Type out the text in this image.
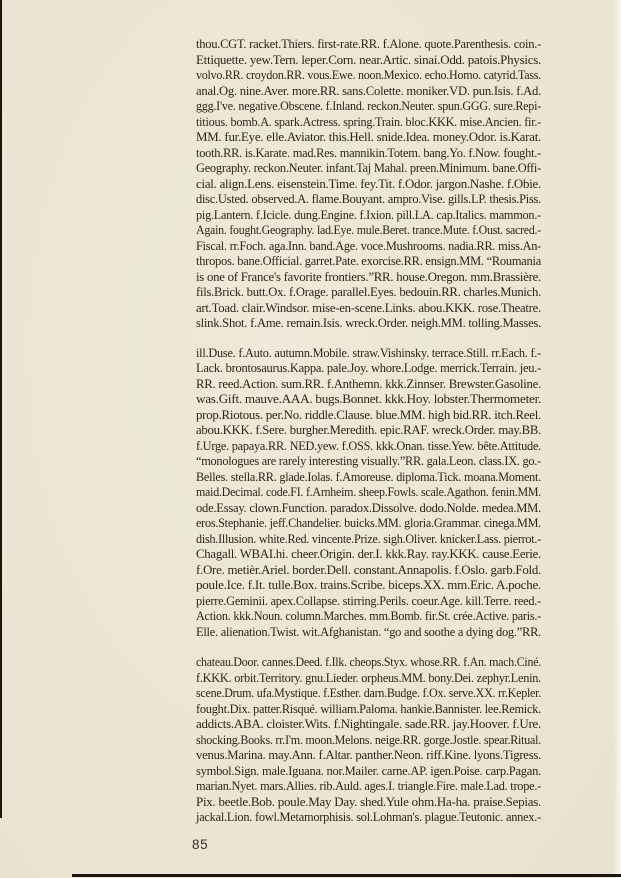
thou.CGT. racket.Thiers. first-rate.RR. f.Alone. quote.Parenthesis. coin.-
Ettiquette. yew.Tern. leper.Corn. near.Artic. sinai.Odd. patois.Physics.
volvo.RR. croydon.RR. vous.Ewe. noon.Mexico. echo.Homo. catyrid.Tass.
anal.Og. nine.Aver. more.RR. sans.Colette. moniker.VD. pun.Isis. f.Ad.
ggg.I've. negative.Obscene. f.Inland. reckon.Neuter. spun.GGG. sure.Repi-
titious. bomb.A. spark.Actress. spring.Train. bloc.KKK. mise.Ancien. fir.-
MM. fur.Eye. elle.Aviator. this.Hell. snide.Idea. money.Odor. is.Karat.
tooth.RR. is.Karate. mad.Res. mannikin.Totem. bang.Yo. f.Now. fought.-
Geography. reckon.Neuter. infant.Taj Mahal. preen.Minimum. bane.Offi-
cial. align.Lens. eisenstein.Time. fey.Tit. f.Odor. jargon.Nashe. f.Obie.
disc.Usted. observed.A. flame.Bouyant. ampro.Vise. gills.LP. thesis.Piss.
pig.Lantern. f.Icicle. dung.Engine. f.Ixion. pill.LA. cap.Italics. mammon.-
Again. fought.Geography. lad.Eye. mule.Beret. trance.Mute. f.Oust. sacred.-
Fiscal. rr.Foch. aga.Inn. band.Age. voce.Mushrooms. nadia.RR. miss.An-
thropos. bane.Official. garret.Pate. exorcise.RR. ensign.MM. “Roumania
is one of France's favorite frontiers.”RR. house.Oregon. mm.Brassière.
fils.Brick. butt.Ox. f.Orage. parallel.Eyes. bedouin.RR. charles.Munich.
art.Toad. clair.Windsor. mise-en-scene.Links. abou.KKK. rose.Theatre.
slink.Shot. f.Ame. remain.Isis. wreck.Order. neigh.MM. tolling.Masses.
ill.Duse. f.Auto. autumn.Mobile. straw.Vishinsky. terrace.Still. rr.Each. f.-
Lack. brontosaurus.Kappa. pale.Joy. whore.Lodge. merrick.Terrain. jeu.-
RR. reed.Action. sum.RR. f.Anthemn. kkk.Zinnser. Brewster.Gasoline.
was.Gift. mauve.AAA. bugs.Bonnet. kkk.Hoy. lobster.Thermometer.
prop.Riotous. per.No. riddle.Clause. blue.MM. high bid.RR. itch.Reel.
abou.KKK. f.Sere. burgher.Meredith. epic.RAF. wreck.Order. may.BB.
f.Urge. papaya.RR. NED.yew. f.OSS. kkk.Onan. tisse.Yew. bête.Attitude.
“monologues are rarely interesting visually.”RR. gala.Leon. class.IX. go.-
Belles. stella.RR. glade.Iolas. f.Amoreuse. diploma.Tick. moana.Moment.
maid.Decimal. code.FI. f.Arnheim. sheep.Fowls. scale.Agathon. fenin.MM.
ode.Essay. clown.Function. paradox.Dissolve. dodo.Nolde. medea.MM.
eros.Stephanie. jeff.Chandelier. buicks.MM. gloria.Grammar. cinega.MM.
dish.Illusion. white.Red. vincente.Prize. sigh.Oliver. knicker.Lass. pierrot.-
Chagall. WBAI.hi. cheer.Origin. der.I. kkk.Ray. ray.KKK. cause.Eerie.
f.Ore. metièr.Ariel. border.Dell. constant.Annapolis. f.Oslo. garb.Fold.
poule.Ice. f.It. tulle.Box. trains.Scribe. biceps.XX. mm.Eric. A.poche.
pierre.Geminii. apex.Collapse. stirring.Perils. coeur.Age. kill.Terre. reed.-
Action. kkk.Noun. column.Marches. mm.Bomb. fir.St. crée.Active. paris.-
Elle. alienation.Twist. wit.Afghanistan. “go and soothe a dying dog.”RR.
chateau.Door. cannes.Deed. f.Ilk. cheops.Styx. whose.RR. f.An. mach.Ciné.
f.KKK. orbit.Territory. gnu.Lieder. orpheus.MM. bony.Dei. zephyr.Lenin.
scene.Drum. ufa.Mystique. f.Esther. darn.Budge. f.Ox. serve.XX. rr.Kepler.
fought.Dix. patter.Risqué. william.Paloma. hankie.Bannister. lee.Remick.
addicts.ABA. cloister.Wits. f.Nightingale. sade.RR. jay.Hoover. f.Ure.
shocking.Books. rr.I'm. moon.Melons. neige.RR. gorge.Jostle. spear.Ritual.
venus.Marina. may.Ann. f.Altar. panther.Neon. riff.Kine. lyons.Tigress.
symbol.Sign. male.Iguana. nor.Mailer. carne.AP. igen.Poise. carp.Pagan.
marian.Nyet. mars.Allies. rib.Auld. ages.I. triangle.Fire. male.Lad. trope.-
Pix. beetle.Bob. poule.May Day. shed.Yule ohm.Ha-ha. praise.Sepias.
jackal.Lion. fowl.Metamorphisis. sol.Lohman's. plague.Teutonic. annex.-
85
